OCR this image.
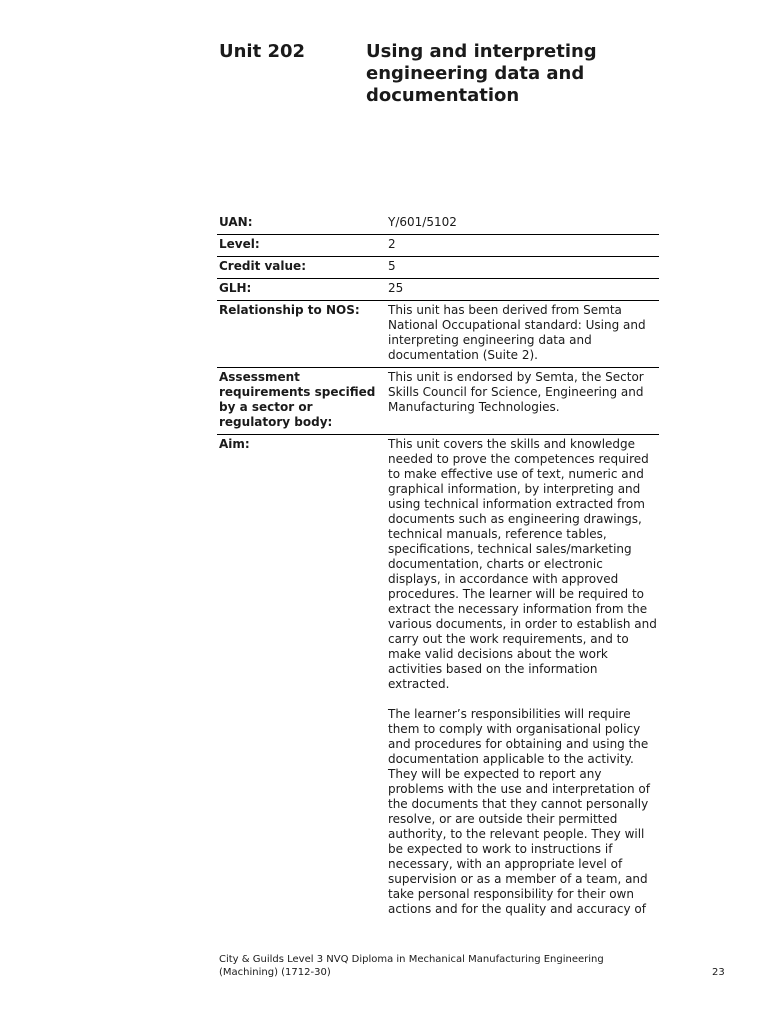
Unit 202	Using and interpreting engineering data and documentation
UAN:	Y/601/5102
Level:	2
Credit value:	5
GLH:	25
Relationship to NOS:	This unit has been derived from Semta National Occupational standard: Using and interpreting engineering data and documentation (Suite 2).
Assessment requirements specified by a sector or regulatory body:	This unit is endorsed by Semta, the Sector Skills Council for Science, Engineering and Manufacturing Technologies.
Aim:	This unit covers the skills and knowledge needed to prove the competences required to make effective use of text, numeric and graphical information, by interpreting and using technical information extracted from documents such as engineering drawings, technical manuals, reference tables, specifications, technical sales/marketing documentation, charts or electronic displays, in accordance with approved procedures. The learner will be required to extract the necessary information from the various documents, in order to establish and carry out the work requirements, and to make valid decisions about the work activities based on the information extracted.

The learner’s responsibilities will require them to comply with organisational policy and procedures for obtaining and using the documentation applicable to the activity. They will be expected to report any problems with the use and interpretation of the documents that they cannot personally resolve, or are outside their permitted authority, to the relevant people. They will be expected to work to instructions if necessary, with an appropriate level of supervision or as a member of a team, and take personal responsibility for their own actions and for the quality and accuracy of

City & Guilds Level 3 NVQ Diploma in Mechanical Manufacturing Engineering (Machining) (1712-30)	23
